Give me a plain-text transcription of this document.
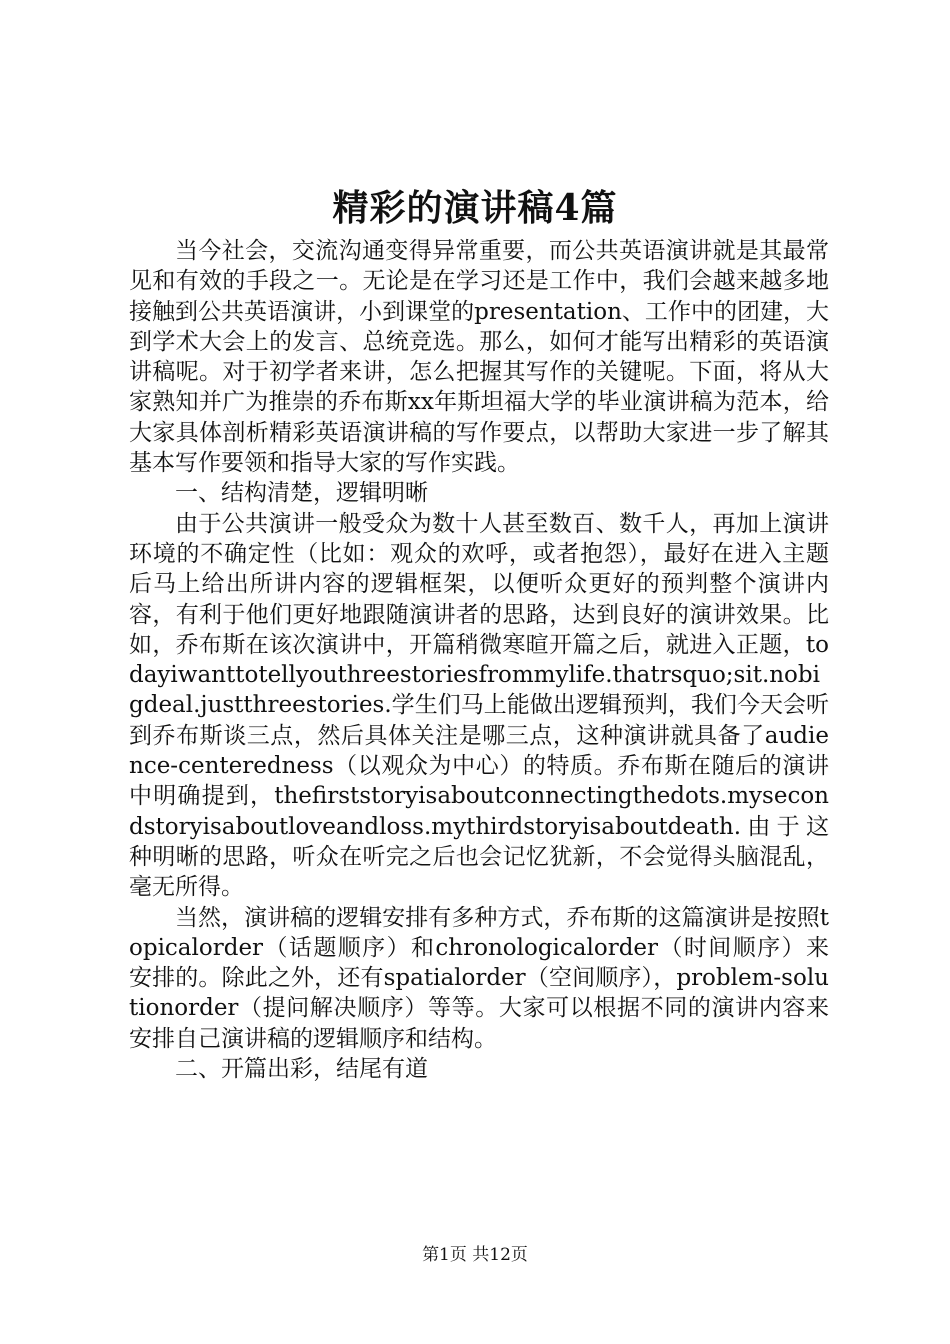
精彩的演讲稿4篇

当今社会，交流沟通变得异常重要，而公共英语演讲就是其最常见和有效的手段之一。无论是在学习还是工作中，我们会越来越多地接触到公共英语演讲，小到课堂的presentation、工作中的团建，大到学术大会上的发言、总统竞选。那么，如何才能写出精彩的英语演讲稿呢。对于初学者来讲，怎么把握其写作的关键呢。下面，将从大家熟知并广为推崇的乔布斯xx年斯坦福大学的毕业演讲稿为范本，给大家具体剖析精彩英语演讲稿的写作要点，以帮助大家进一步了解其基本写作要领和指导大家的写作实践。

一、结构清楚，逻辑明晰

由于公共演讲一般受众为数十人甚至数百、数千人，再加上演讲环境的不确定性（比如：观众的欢呼，或者抱怨），最好在进入主题后马上给出所讲内容的逻辑框架，以便听众更好的预判整个演讲内容，有利于他们更好地跟随演讲者的思路，达到良好的演讲效果。比如，乔布斯在该次演讲中，开篇稍微寒暄开篇之后，就进入正题，todayiwanttotellyouthreestoriesfrommylife.thatrsquo;sit.nobigdeal.justthreestories.学生们马上能做出逻辑预判，我们今天会听到乔布斯谈三点，然后具体关注是哪三点，这种演讲就具备了audience-centeredness（以观众为中心）的特质。乔布斯在随后的演讲中明确提到，thefirststoryisaboutconnectingthedots.mysecondstoryisaboutloveandloss.mythirdstoryisaboutdeath.由于这种明晰的思路，听众在听完之后也会记忆犹新，不会觉得头脑混乱，毫无所得。

当然，演讲稿的逻辑安排有多种方式，乔布斯的这篇演讲是按照topicalorder（话题顺序）和chronologicalorder（时间顺序）来安排的。除此之外，还有spatialorder（空间顺序），problem-solutionorder（提问解决顺序）等等。大家可以根据不同的演讲内容来安排自己演讲稿的逻辑顺序和结构。

二、开篇出彩，结尾有道

第1页 共12页
